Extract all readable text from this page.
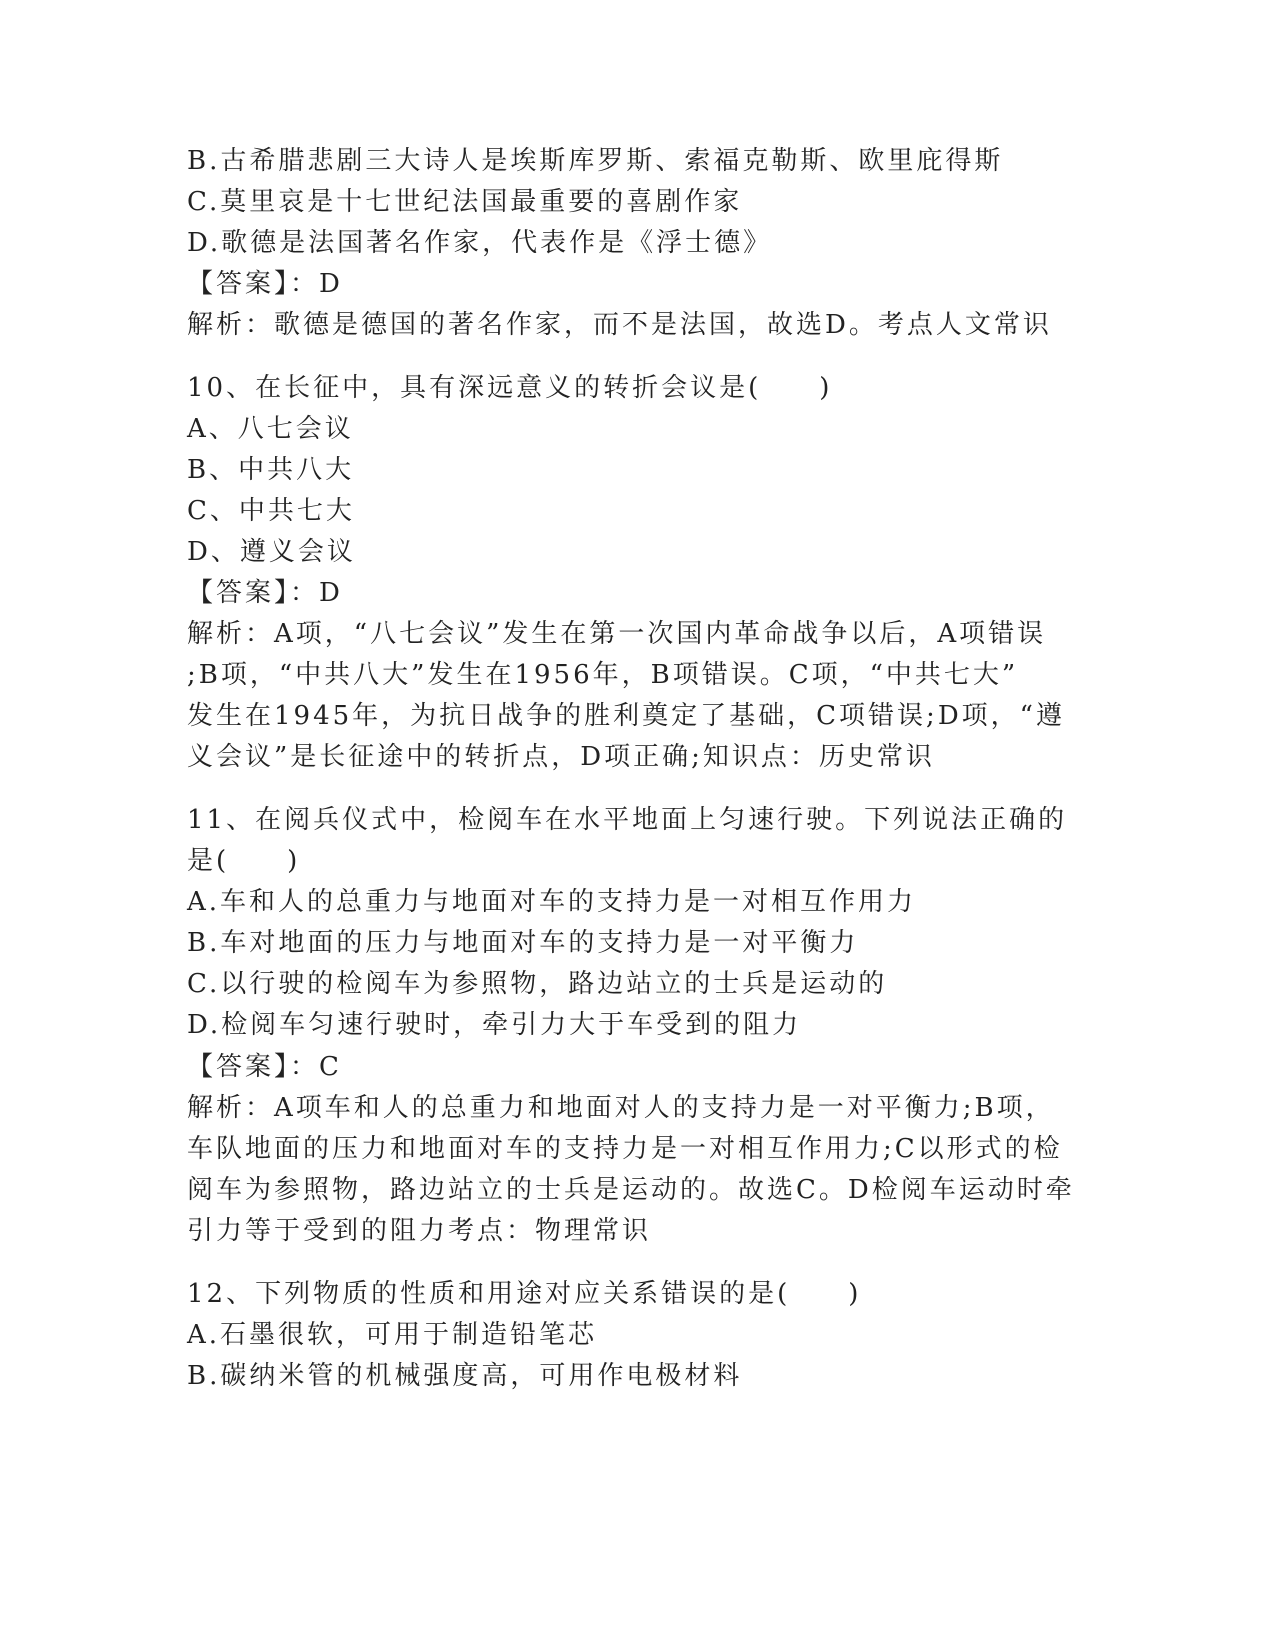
B.古希腊悲剧三大诗人是埃斯库罗斯、索福克勒斯、欧里庇得斯
C.莫里哀是十七世纪法国最重要的喜剧作家
D.歌德是法国著名作家，代表作是《浮士德》
【答案】：D
解析：歌德是德国的著名作家，而不是法国，故选D。考点人文常识
10、在长征中，具有深远意义的转折会议是(　　)
A、八七会议
B、中共八大
C、中共七大
D、遵义会议
【答案】：D
解析：A项，“八七会议”发生在第一次国内革命战争以后，A项错误
;B项，“中共八大”发生在1956年，B项错误。C项，“中共七大”
发生在1945年，为抗日战争的胜利奠定了基础，C项错误;D项，“遵
义会议”是长征途中的转折点，D项正确;知识点：历史常识
11、在阅兵仪式中，检阅车在水平地面上匀速行驶。下列说法正确的
是(　　)
A.车和人的总重力与地面对车的支持力是一对相互作用力
B.车对地面的压力与地面对车的支持力是一对平衡力
C.以行驶的检阅车为参照物，路边站立的士兵是运动的
D.检阅车匀速行驶时，牵引力大于车受到的阻力
【答案】：C
解析：A项车和人的总重力和地面对人的支持力是一对平衡力;B项，
车队地面的压力和地面对车的支持力是一对相互作用力;C以形式的检
阅车为参照物，路边站立的士兵是运动的。故选C。D检阅车运动时牵
引力等于受到的阻力考点：物理常识
12、下列物质的性质和用途对应关系错误的是(　　)
A.石墨很软，可用于制造铅笔芯
B.碳纳米管的机械强度高，可用作电极材料
